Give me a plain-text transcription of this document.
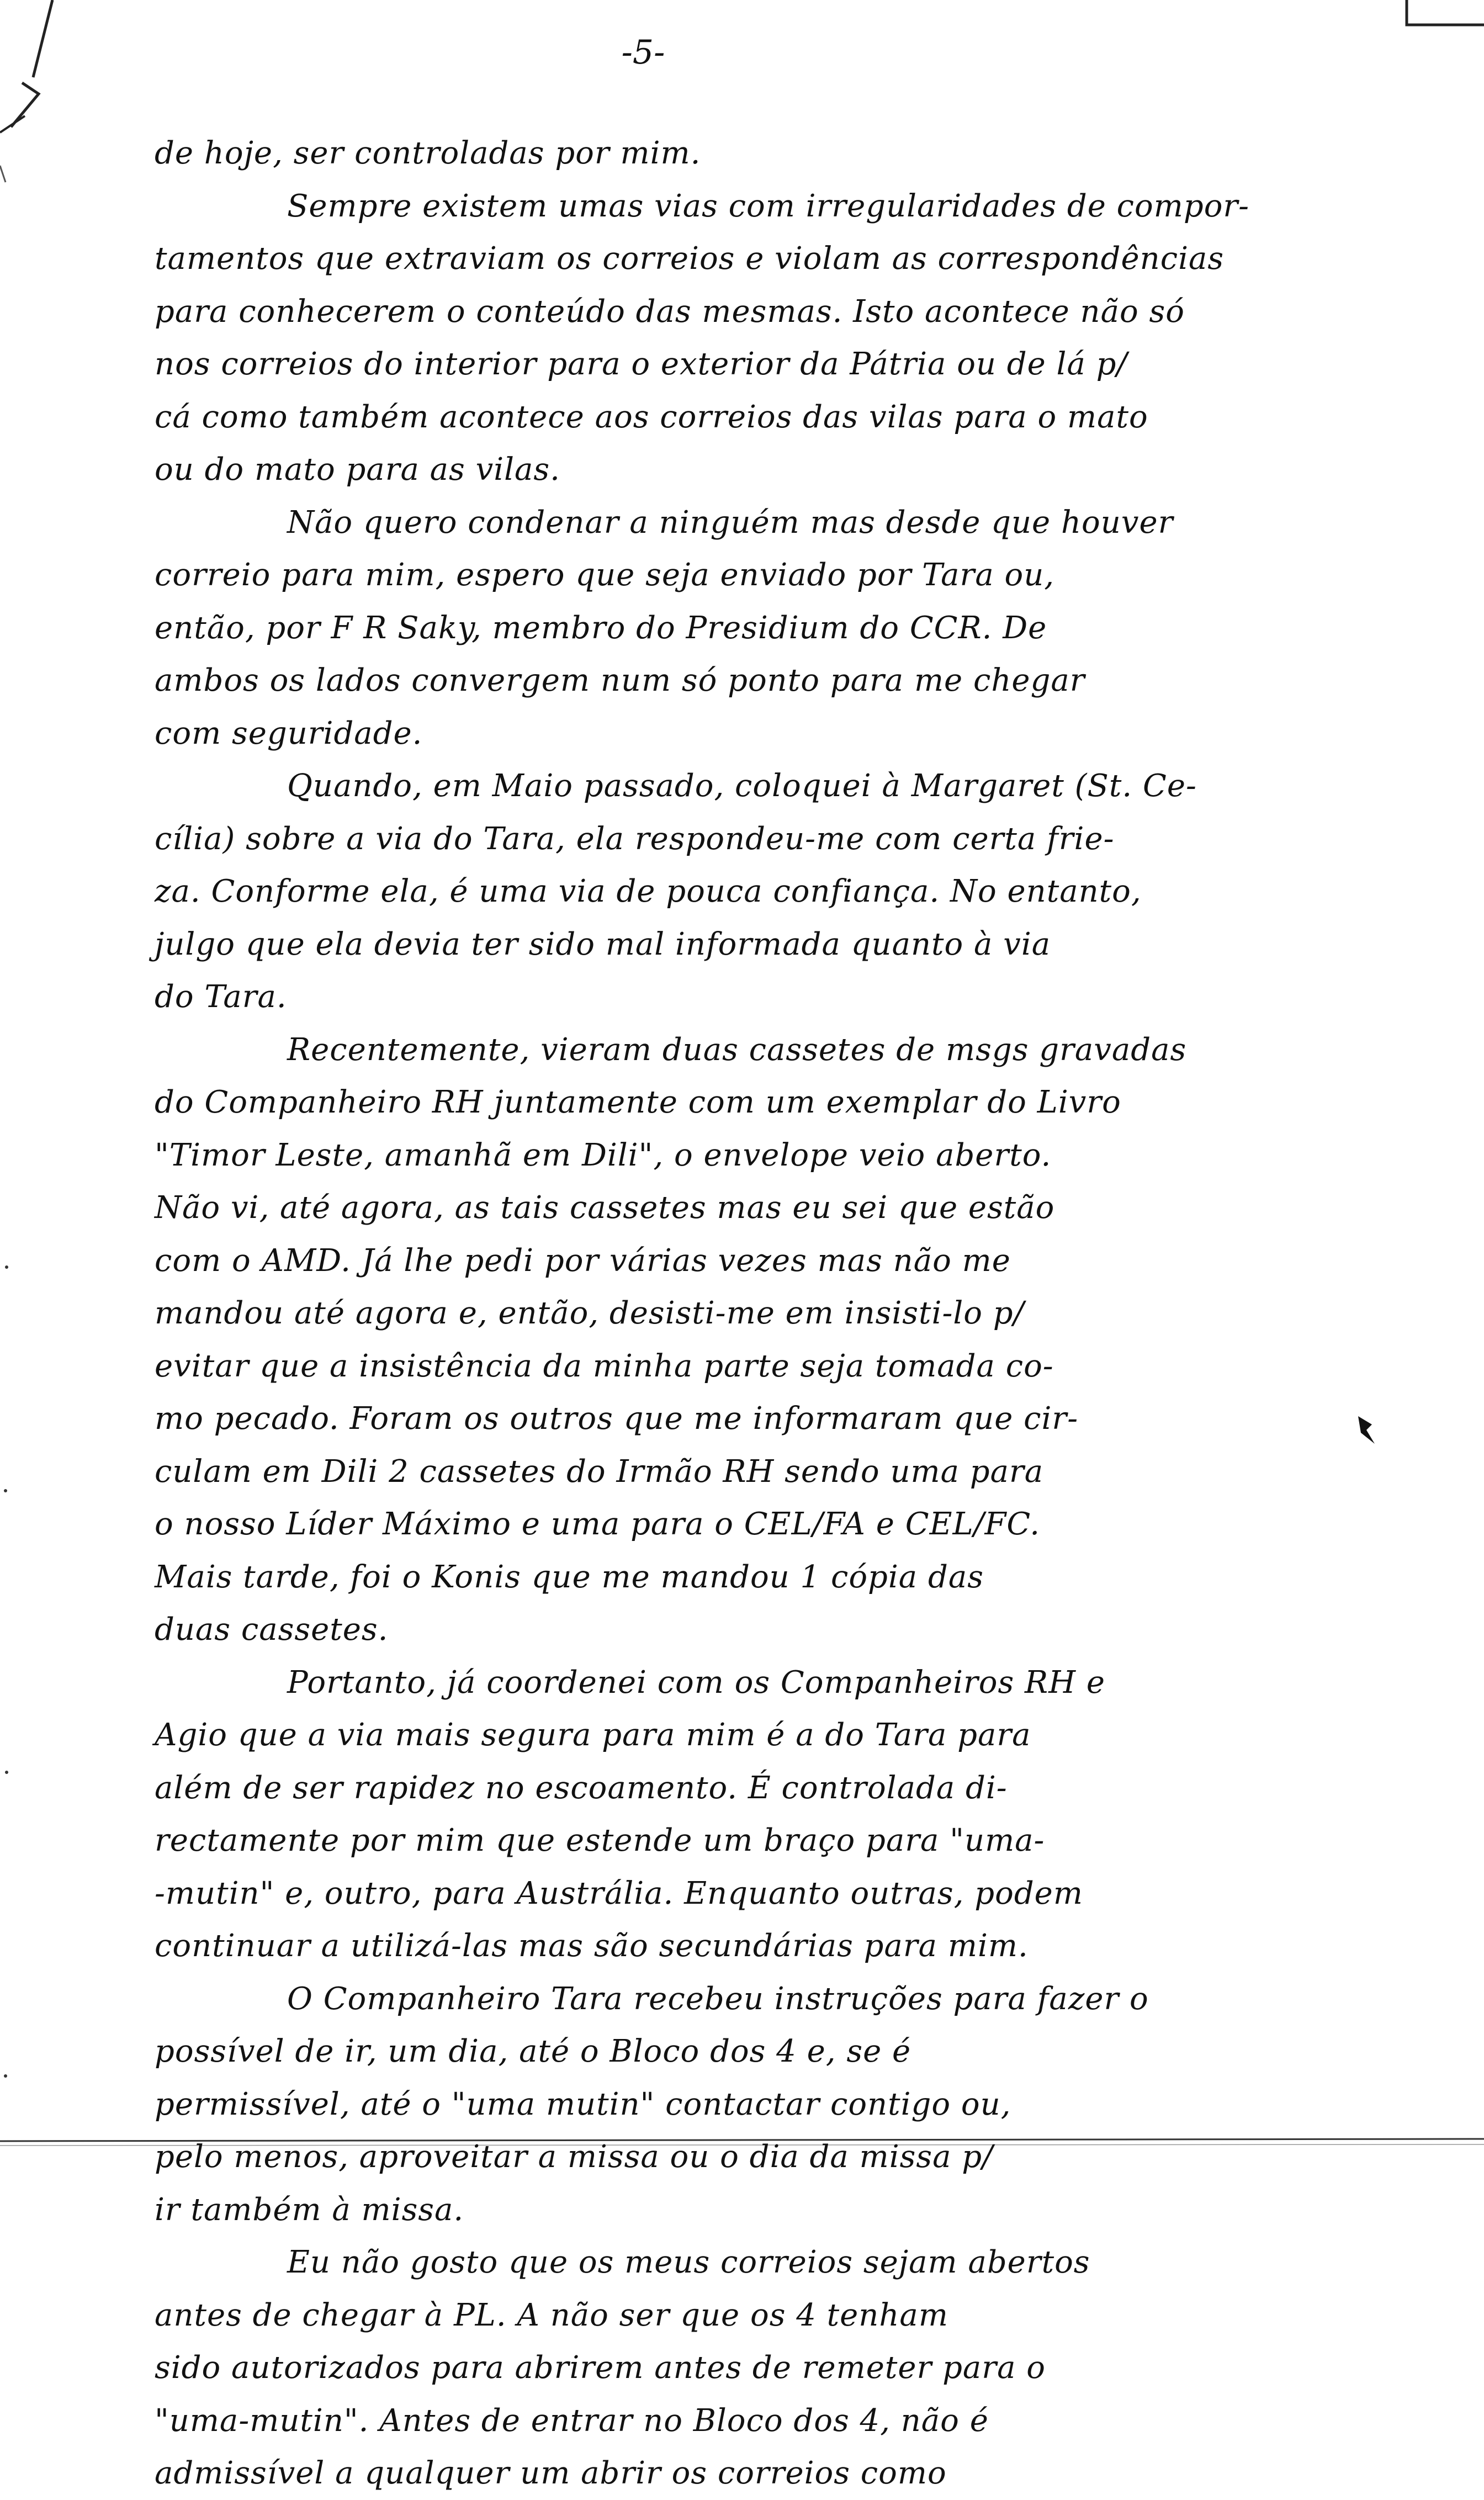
-5-
de hoje, ser controladas por mim.
Sempre existem umas vias com irregularidades de compor-
tamentos que extraviam os correios e violam as correspondências
para conhecerem o conteúdo das mesmas. Isto acontece não só
nos correios do interior para o exterior da Pátria ou de lá p/
cá como também acontece aos correios das vilas para o mato
ou do mato para as vilas.
Não quero condenar a ninguém mas desde que houver
correio para mim, espero que seja enviado por Tara ou,
então, por F R Saky, membro do Presidium do CCR. De
ambos os lados convergem num só ponto para me chegar
com seguridade.
Quando, em Maio passado, coloquei à Margaret (St. Ce-
cília) sobre a via do Tara, ela respondeu-me com certa frie-
za. Conforme ela, é uma via de pouca confiança. No entanto,
julgo que ela devia ter sido mal informada quanto à via
do Tara.
Recentemente, vieram duas cassetes de msgs gravadas
do Companheiro RH juntamente com um exemplar do Livro
"Timor Leste, amanhã em Dili", o envelope veio aberto.
Não vi, até agora, as tais cassetes mas eu sei que estão
com o AMD. Já lhe pedi por várias vezes mas não me
mandou até agora e, então, desisti-me em insisti-lo p/
evitar que a insistência da minha parte seja tomada co-
mo pecado. Foram os outros que me informaram que cir-
culam em Dili 2 cassetes do Irmão RH sendo uma para
o nosso Líder Máximo e uma para o CEL/FA e CEL/FC.
Mais tarde, foi o Konis que me mandou 1 cópia das
duas cassetes.
Portanto, já coordenei com os Companheiros RH e
Agio que a via mais segura para mim é a do Tara para
além de ser rapidez no escoamento. É controlada di-
rectamente por mim que estende um braço para "uma-
-mutin" e, outro, para Austrália. Enquanto outras, podem
continuar a utilizá-las mas são secundárias para mim.
O Companheiro Tara recebeu instruções para fazer o
possível de ir, um dia, até o Bloco dos 4 e, se é
permissível, até o "uma mutin" contactar contigo ou,
pelo menos, aproveitar a missa ou o dia da missa p/
ir também à missa.
Eu não gosto que os meus correios sejam abertos
antes de chegar à PL. A não ser que os 4 tenham
sido autorizados para abrirem antes de remeter para o
"uma-mutin". Antes de entrar no Bloco dos 4, não é
admissível a qualquer um abrir os correios como
